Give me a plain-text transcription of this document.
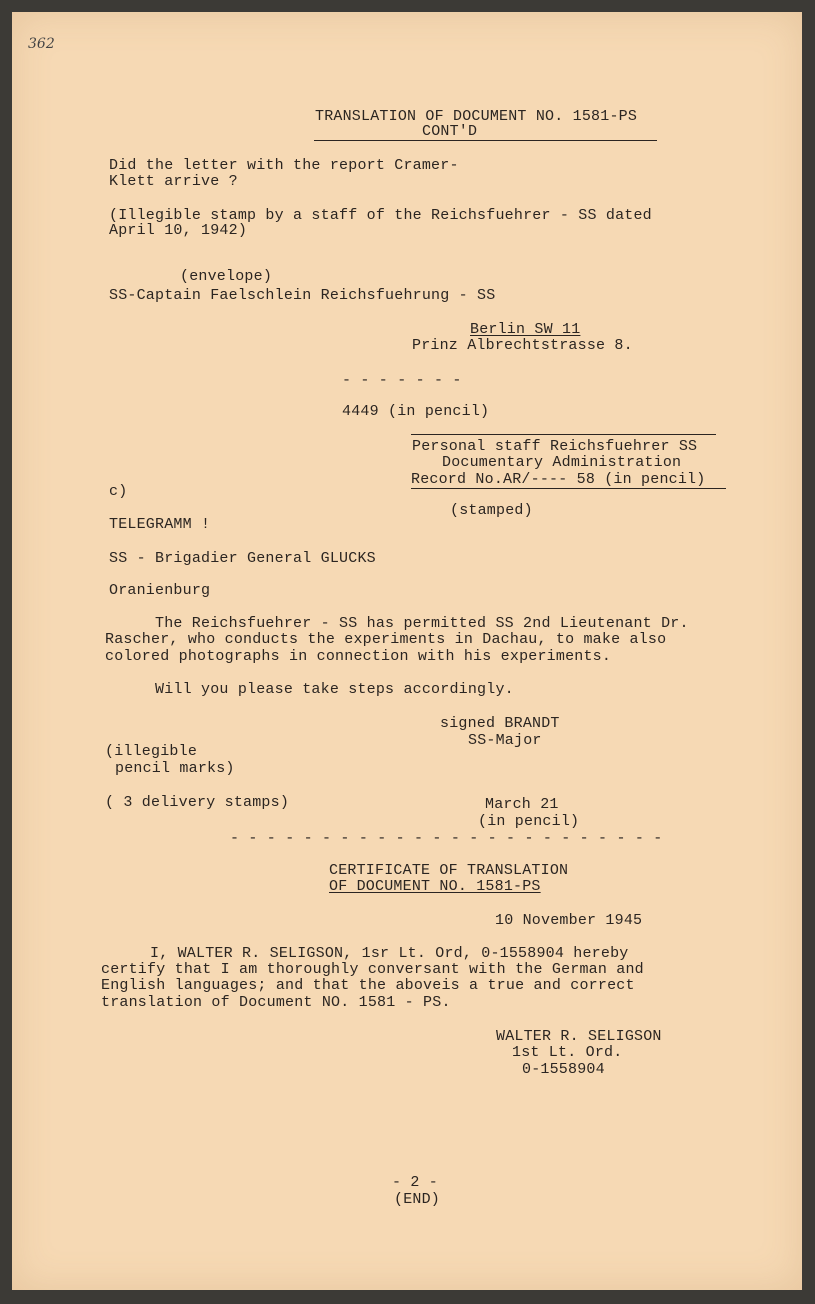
362
TRANSLATION OF DOCUMENT NO. 1581-PS
CONT'D
Did the letter with the report Cramer-
Klett arrive ?
(Illegible stamp by a staff of the Reichsfuehrer - SS dated
April 10, 1942)
(envelope)
SS-Captain Faelschlein Reichsfuehrung - SS
Berlin SW 11
Prinz Albrechtstrasse 8.
- - - - - - -
4449 (in pencil)
Personal staff Reichsfuehrer SS
Documentary Administration
Record No.AR/---- 58 (in pencil)
c)
(stamped)
TELEGRAMM !
SS - Brigadier General GLUCKS
Oranienburg
The Reichsfuehrer - SS has permitted SS 2nd Lieutenant Dr.
Rascher, who conducts the experiments in Dachau, to make also
colored photographs in connection with his experiments.
Will you please take steps accordingly.
signed BRANDT
SS-Major
(illegible
pencil marks)
( 3 delivery stamps)	March 21
(in pencil)
- - - - - - - - - - - - - - - - - - - - - - - -
CERTIFICATE OF TRANSLATION
OF DOCUMENT NO. 1581-PS
10 November 1945
I, WALTER R. SELIGSON, 1sr Lt. Ord, 0-1558904 hereby
certify that I am thoroughly conversant with the German and
English languages; and that the aboveis a true and correct
translation of Document NO. 1581 - PS.
WALTER R. SELIGSON
1st Lt. Ord.
0-1558904
- 2 -
(END)
